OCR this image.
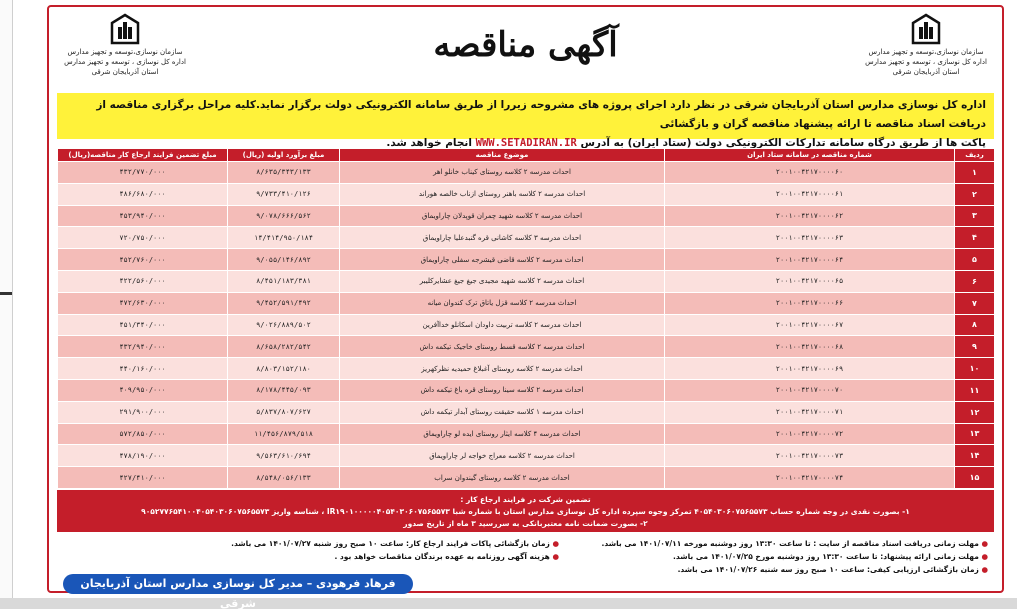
سازمان نوسازی،توسعه و تجهیز مدارس
اداره کل نوسازی ، توسعه و تجهیز مدارس
استان آذربایجان شرقی
سازمان نوسازی،توسعه و تجهیز مدارس
اداره کل نوسازی ، توسعه و تجهیز مدارس
استان آذربایجان شرقی
آگهی مناقصه
اداره کل نوسازی مدارس استان آذربایجان شرقی در نظر دارد اجرای پروژه های مشروحه زیررا از طریق سامانه الکترونیکی دولت برگزار نماید.کلیه مراحل برگزاری مناقصه از دریافت اسناد مناقصه تا ارائه پیشنهاد مناقصه گران و بازگشائی
پاکت ها از طریق درگاه سامانه تدارکات الکترونیکی دولت (ستاد ایران) به آدرس WWW.SETADIRAN.IR انجام خواهد شد.
ردیف	شماره مناقصه در سامانه ستاد ایران	موضوع مناقصه	مبلغ برآورد اولیه (ریال)	مبلغ تضمین فرایند ارجاع کار مناقصه(ریال)
۱	۲۰۰۱۰۰۴۲۱۷۰۰۰۰۶۰	احداث مدرسه ۲ کلاسه روستای کیناب خانلو اهر	۸/۶۳۵/۳۴۳/۱۳۳	۴۳۲/۷۷۰/۰۰۰
۲	۲۰۰۱۰۰۴۲۱۷۰۰۰۰۶۱	احداث مدرسه ۲ کلاسه باهنر روستای ازناب خالصه هوراند	۹/۷۳۳/۴۱۰/۱۲۶	۴۸۶/۶۸۰/۰۰۰
۳	۲۰۰۱۰۰۴۲۱۷۰۰۰۰۶۲	احداث مدرسه ۲ کلاسه شهید چمران قوپدلان چاراویماق	۹/۰۷۸/۶۶۶/۵۶۲	۴۵۳/۹۴۰/۰۰۰
۴	۲۰۰۱۰۰۴۲۱۷۰۰۰۰۶۳	احداث مدرسه ۳ کلاسه کاشانی قره گنبدعلیا چاراویماق	۱۴/۴۱۴/۹۵۰/۱۸۴	۷۲۰/۷۵۰/۰۰۰
۵	۲۰۰۱۰۰۴۲۱۷۰۰۰۰۶۴	احداث مدرسه ۲ کلاسه قاضی قیشرجه سفلی چاراویماق	۹/۰۵۵/۱۴۶/۸۹۲	۴۵۲/۷۶۰/۰۰۰
۶	۲۰۰۱۰۰۴۲۱۷۰۰۰۰۶۵	احداث مدرسه ۲ کلاسه شهید مجیدی جیغ جیغ عشایرکلیبر	۸/۴۵۱/۱۸۳/۳۸۱	۴۲۲/۵۶۰/۰۰۰
۷	۲۰۰۱۰۰۴۲۱۷۰۰۰۰۶۶	احداث مدرسه ۲ کلاسه قزل یاتاق ترک کندوان میانه	۹/۴۵۲/۵۹۱/۴۹۲	۴۷۲/۶۳۰/۰۰۰
۸	۲۰۰۱۰۰۴۲۱۷۰۰۰۰۶۷	احداث مدرسه ۲ کلاسه تربیت داودان اسکانلو خداآفرین	۹/۰۲۶/۸۸۹/۵۰۲	۴۵۱/۳۴۰/۰۰۰
۹	۲۰۰۱۰۰۴۲۱۷۰۰۰۰۶۸	احداث مدرسه ۲ کلاسه قسط روستای خاجیک تیکمه داش	۸/۶۵۸/۲۸۲/۵۴۲	۴۳۲/۹۴۰/۰۰۰
۱۰	۲۰۰۱۰۰۴۲۱۷۰۰۰۰۶۹	احداث مدرسه ۲ کلاسه روستای آغبلاغ حمیدیه نظرکهریز	۸/۸۰۳/۱۵۲/۱۸۰	۴۴۰/۱۶۰/۰۰۰
۱۱	۲۰۰۱۰۰۴۲۱۷۰۰۰۰۷۰	احداث مدرسه ۲ کلاسه سینا روستای قره باغ تیکمه داش	۸/۱۷۸/۴۴۵/۰۹۳	۴۰۹/۹۵۰/۰۰۰
۱۲	۲۰۰۱۰۰۴۲۱۷۰۰۰۰۷۱	احداث مدرسه ۱ کلاسه حقیقت روستای آبدار تیکمه داش	۵/۸۳۷/۸۰۷/۶۲۷	۲۹۱/۹۰۰/۰۰۰
۱۳	۲۰۰۱۰۰۴۲۱۷۰۰۰۰۷۲	احداث مدرسه ۴ کلاسه ایثار روستای ایده لو چاراویماق	۱۱/۴۵۶/۸۷۹/۵۱۸	۵۷۲/۸۵۰/۰۰۰
۱۴	۲۰۰۱۰۰۴۲۱۷۰۰۰۰۷۳	احداث مدرسه ۲ کلاسه معراج خواجه لر چاراویماق	۹/۵۶۳/۶۱۰/۶۹۴	۴۷۸/۱۹۰/۰۰۰
۱۵	۲۰۰۱۰۰۴۲۱۷۰۰۰۰۷۴	احداث مدرسه ۲ کلاسه روستای گیندوان سراب	۸/۵۴۸/۰۵۶/۱۳۳	۴۲۷/۴۱۰/۰۰۰
تضمین شرکت در فرایند ارجاع کار :
۱- بصورت نقدی در وجه شماره حساب ۴۰۵۴۰۳۰۶۰۷۵۶۵۵۷۳ تمرکز وجوه سپرده اداره کل نوسازی مدارس استان با شماره شبا IR۱۹۰۱۰۰۰۰۰۴۰۵۴۰۳۰۶۰۷۵۶۵۵۷۳ ، شناسه واریز ۹۰۵۲۷۷۶۵۴۱۰۰۴۰۵۴۰۳۰۶۰۷۵۶۵۵۷۳
۲- بصورت ضمانت نامه معتبربانکی به سررسید ۳ ماه از تاریخ صدور
● مهلت زمانی دریافت اسناد مناقصه از سایت : تا ساعت ۱۳:۳۰ روز دوشنبه مورخه ۱۴۰۱/۰۷/۱۱ می باشد.
● مهلت زمانی ارائه پیشنهاد: تا ساعت ۱۳:۳۰ روز دوشنبه مورخ ۱۴۰۱/۰۷/۲۵ می باشد.
● زمان بازگشائی ارزیابی کیفی: ساعت ۱۰ صبح روز سه شنبه ۱۴۰۱/۰۷/۲۶ می باشد.
● زمان بازگشائی پاکات فرایند ارجاع کار: ساعت ۱۰ صبح روز شنبه ۱۴۰۱/۰۷/۲۷ می باشد.
● هزینه آگهی روزنامه به عهده برندگان مناقصات خواهد بود .
فرهاد فرهودی – مدیر کل نوسازی مدارس استان آذربایجان شرقی
